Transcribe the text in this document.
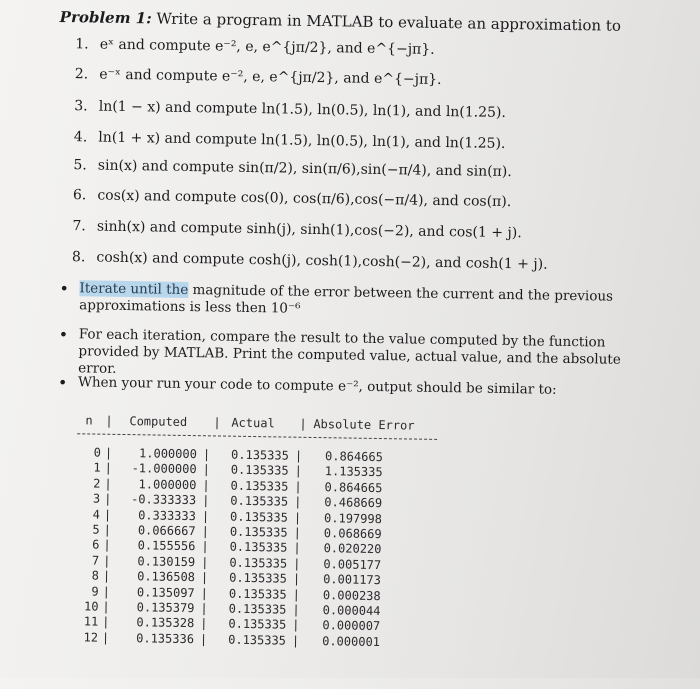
Problem 1: Write a program in MATLAB to evaluate an approximation to
1. eˣ and compute e⁻², e, e^{jπ/2}, and e^{−jπ}.
2. e⁻ˣ and compute e⁻², e, e^{jπ/2}, and e^{−jπ}.
3. ln(1 − x) and compute ln(1.5), ln(0.5), ln(1), and ln(1.25).
4. ln(1 + x) and compute ln(1.5), ln(0.5), ln(1), and ln(1.25).
5. sin(x) and compute sin(π/2), sin(π/6),sin(−π/4), and sin(π).
6. cos(x) and compute cos(0), cos(π/6),cos(−π/4), and cos(π).
7. sinh(x) and compute sinh(j), sinh(1),cos(−2), and cos(1 + j).
8. cosh(x) and compute cosh(j), cosh(1),cosh(−2), and cosh(1 + j).
• Iterate until the magnitude of the error between the current and the previous approximations is less then 10⁻⁶
• For each iteration, compare the result to the value computed by the function provided by MATLAB. Print the computed value, actual value, and the absolute error.
• When your run your code to compute e⁻², output should be similar to:
n | Computed | Actual | Absolute Error
0 |	1.000000 |	0.135335 |	0.864665
1 |	-1.000000 |	0.135335 |	1.135335
2 |	1.000000 |	0.135335 |	0.864665
3 |	-0.333333 |	0.135335 |	0.468669
4 |	0.333333 |	0.135335 |	0.197998
5 |	0.066667 |	0.135335 |	0.068669
6 |	0.155556 |	0.135335 |	0.020220
7 |	0.130159 |	0.135335 |	0.005177
8 |	0.136508 |	0.135335 |	0.001173
9 |	0.135097 |	0.135335 |	0.000238
10 |	0.135379 |	0.135335 |	0.000044
11 |	0.135328 |	0.135335 |	0.000007
12 |	0.135336 |	0.135335 |	0.000001
